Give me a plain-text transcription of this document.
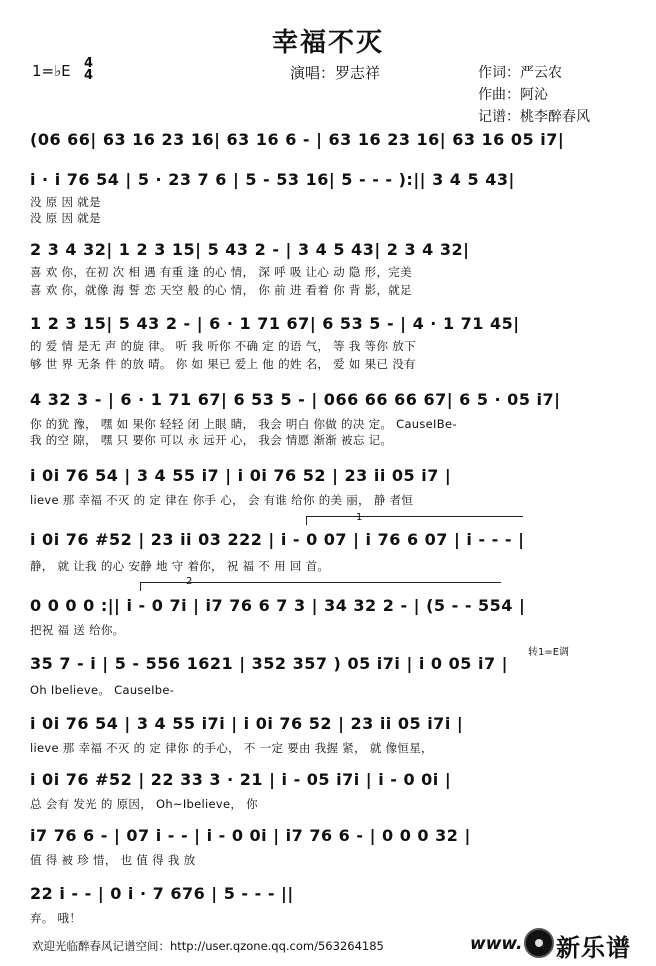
幸福不灭
1=♭E 4
4	演唱：罗志祥	作词：严云农
作曲：阿沁
记谱：桃李醉春风
(06 66| 63 16 23 16| 63 16 6 - | 63 16 23 16| 63 16 05 i7|
i · i 76 54 | 5 · 23 7 6 | 5 - 53 16| 5 - - - ):|| 3 4 5 43|
没 原 因 就是
没 原 因 就是
2 3 4 32| 1 2 3 15| 5 43 2 - | 3 4 5 43| 2 3 4 32|
喜 欢 你，在初 次 相 遇 有重 逢 的心 情， 深 呼 吸 让心 动 隐 形，完美
喜 欢 你，就像 海 誓 恋 天空 般 的心 情， 你 前 进 看着 你 背 影，就足
1 2 3 15| 5 43 2 - | 6 · 1 71 67| 6 53 5 - | 4 · 1 71 45|
的 爱 情 是无 声 的旋 律。 听 我 听你 不确 定 的语 气， 等 我 等你 放下
够 世 界 无条 件 的放 晴。 你 如 果已 爱上 他 的姓 名， 爱 如 果已 没有
4 32 3 - | 6 · 1 71 67| 6 53 5 - | 066 66 66 67| 6 5 · 05 i7|
你 的犹 豫， 嘿 如 果你 轻轻 闭 上眼 睛， 我会 明白 你做 的决 定。 CauseIBe-
我 的空 隙， 嘿 只 要你 可以 永 远开 心， 我会 情愿 渐渐 被忘 记。
i 0i 76 54 | 3 4 55 i7 | i 0i 76 52 | 23 ii 05 i7 |
lieve 那 幸福 不灭 的 定 律在 你手 心， 会 有谁 给你 的美 丽， 静 者恒
1
i 0i 76 #52 | 23 ii 03 222 | i - 0 07 | i 76 6 07 | i - - - |
静， 就 让我 的心 安静 地 守 着你， 祝 福 不 用 回 首。
2
0 0 0 0 :|| i - 0 7i | i7 76 6 7 3 | 34 32 2 - | (5 - - 554 |
把祝 福 送 给你。
转1=E调
35 7 - i | 5 - 556 1621 | 352 357 ) 05 i7i | i 0 05 i7 |
Oh Ibelieve。 CauseIbe-
i 0i 76 54 | 3 4 55 i7i | i 0i 76 52 | 23 ii 05 i7i |
lieve 那 幸福 不灭 的 定 律你 的手心， 不 一定 要由 我握 紧， 就 像恒星，
i 0i 76 #52 | 22 33 3 · 21 | i - 05 i7i | i - 0 0i |
总 会有 发光 的 原因， Oh~Ibelieve， 你
i7 76 6 - | 07 i - - | i - 0 0i | i7 76 6 - | 0 0 0 32 |
值 得 被 珍 惜， 也 值 得 我 放
22 i - - | 0 i · 7 676 | 5 - - - ||
弃。 哦！
欢迎光临醉春风记谱空间：http://user.qzone.qq.com/563264185	www. 新乐谱
